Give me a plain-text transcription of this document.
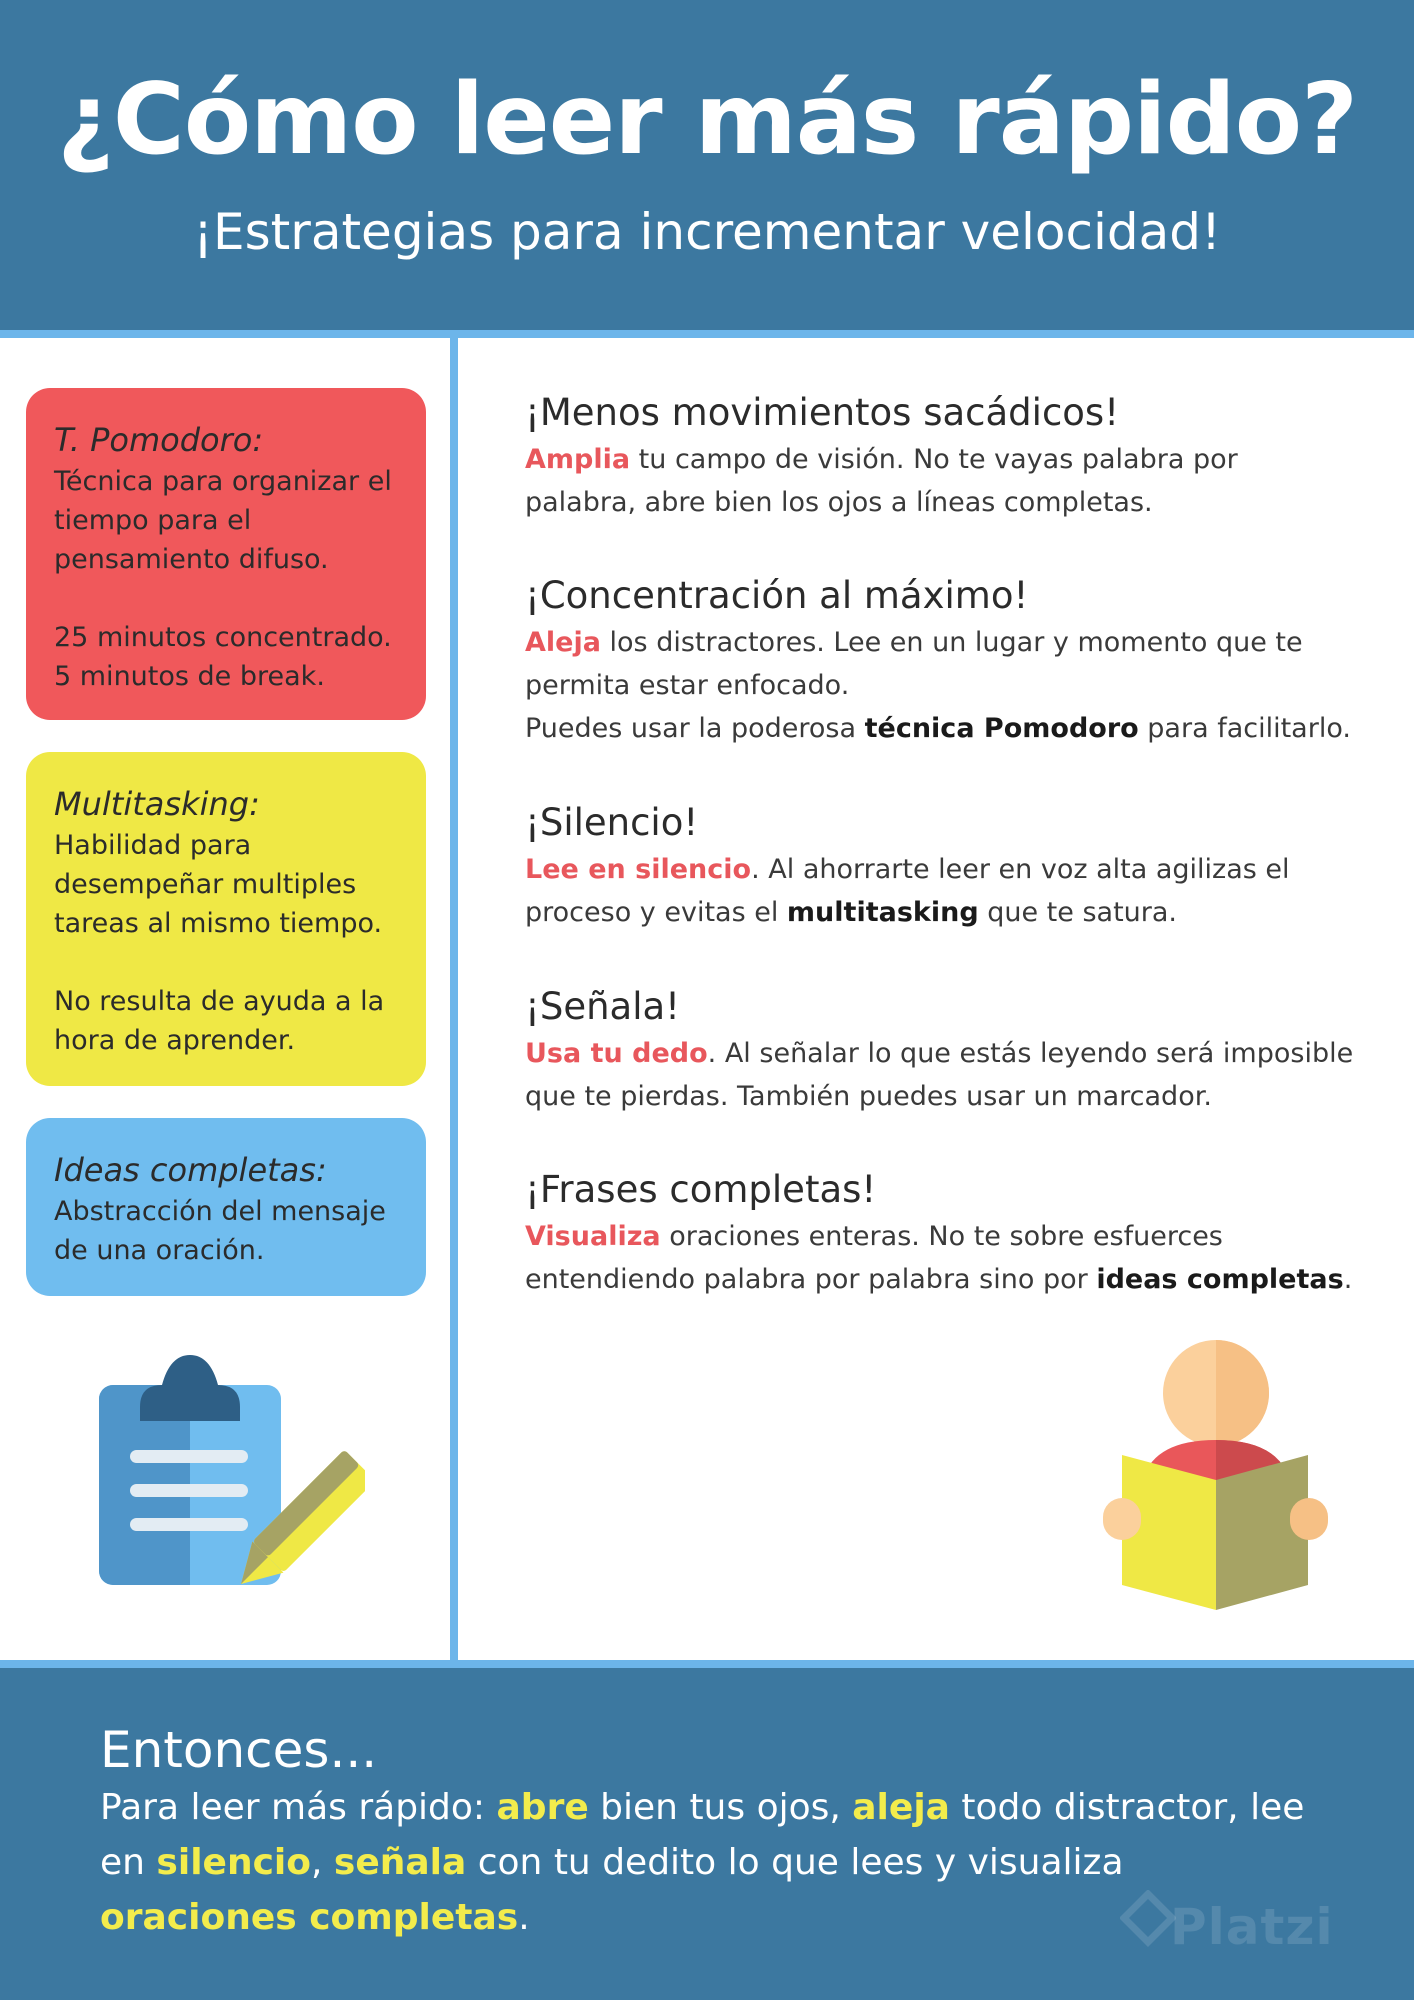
¿Cómo leer más rápido?
¡Estrategias para incrementar velocidad!

T. Pomodoro:

Técnica para organizar el tiempo para el pensamiento difuso.

25 minutos concentrado.

5 minutos de break.

Multitasking:

Habilidad para desempeñar multiples tareas al mismo tiempo.

No resulta de ayuda a la hora de aprender.

Ideas completas:

Abstracción del mensaje de una oración.

¡Menos movimientos sacádicos!

Amplia tu campo de visión. No te vayas palabra por palabra, abre bien los ojos a líneas completas.

¡Concentración al máximo!

Aleja los distractores. Lee en un lugar y momento que te permita estar enfocado.

Puedes usar la poderosa técnica Pomodoro para facilitarlo.

¡Silencio!

Lee en silencio. Al ahorrarte leer en voz alta agilizas el proceso y evitas el multitasking que te satura.

¡Señala!

Usa tu dedo. Al señalar lo que estás leyendo será imposible que te pierdas. También puedes usar un marcador.

¡Frases completas!

Visualiza oraciones enteras. No te sobre esfuerces entendiendo palabra por palabra sino por ideas completas.

Entonces...
Para leer más rápido: abre bien tus ojos, aleja todo distractor, lee en silencio, señala con tu dedito lo que lees y visualiza oraciones completas.	Platzi
